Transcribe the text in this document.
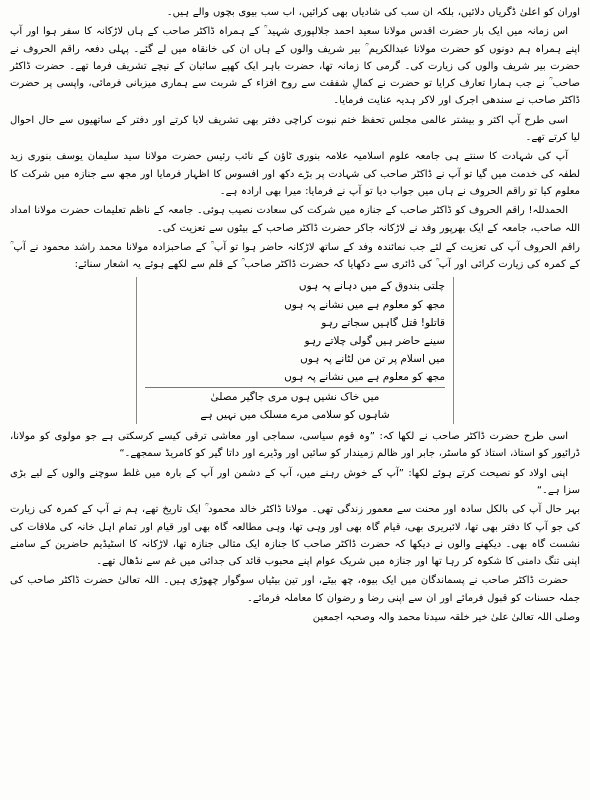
اوران کو اعلیٰ ڈگریاں دلائیں، بلکہ ان سب کی شادیاں بھی کرائیں، اب سب بیوی بچوں والے ہیں۔

اس زمانہ میں ایک بار حضرت اقدس مولانا سعید احمد جلالپوری شہید ؒ کے ہمراہ ڈاکٹر صاحب کے ہاں لاڑکانہ کا سفر ہوا اور آپ اپنے ہمراہ ہم دونوں کو حضرت مولانا عبدالکریم ؒ بیر شریف والوں کے ہاں ان کی خانقاہ میں لے گئے۔ پہلی دفعہ راقم الحروف نے حضرت بیر شریف والوں کی زیارت کی۔ گرمی کا زمانہ تھا، حضرت باہر ایک کھپے سائبان کے نیچے تشریف فرما تھے۔ حضرت ڈاکٹر صاحب ؒ نے جب ہمارا تعارف کرایا تو حضرت نے کمالِ شفقت سے روح افزاء کے شربت سے ہماری میزبانی فرمائی، واپسی پر حضرت ڈاکٹر صاحب نے سندھی اجرک اور لاکر ہدیہ عنایت فرمایا۔

اسی طرح آپ اکثر و بیشتر عالمی مجلس تحفظ ختم نبوت کراچی دفتر بھی تشریف لایا کرتے اور دفتر کے ساتھیوں سے حال احوال لیا کرتے تھے۔

آپ کی شہادت کا سنتے ہی جامعہ علوم اسلامیہ علامہ بنوری ٹاؤن کے نائب رئیس حضرت مولانا سید سلیمان یوسف بنوری زید لطفہ کی خدمت میں گیا تو آپ نے ڈاکٹر صاحب کی شہادت پر بڑے دکھ اور افسوس کا اظہار فرمایا اور مجھ سے جنازہ میں شرکت کا معلوم کیا تو راقم الحروف نے ہاں میں جواب دیا تو آپ نے فرمایا: میرا بھی ارادہ ہے۔

الحمدللہ! راقم الحروف کو ڈاکٹر صاحب کے جنازہ میں شرکت کی سعادت نصیب ہوئی۔ جامعہ کے ناظم تعلیمات حضرت مولانا امداد اللہ صاحب، جامعہ کے ایک بھرپور وفد نے لاڑکانہ جاکر حضرت ڈاکٹر صاحب کے بیٹوں سے تعزیت کی۔

راقم الحروف آپ کی تعزیت کے لئے جب نمائندہ وفد کے ساتھ لاڑکانہ حاضر ہوا تو آپ ؒ کے صاحبزادہ مولانا محمد راشد محمود نے آپ ؒ کے کمرہ کی زیارت کرائی اور آپ ؒ کی ڈائری سے دکھایا کہ حضرت ڈاکٹر صاحب ؒ کے قلم سے لکھے ہوئے یہ اشعار سنائے:

چلتی بندوق کے میں دہانے پہ ہوں
مجھ کو معلوم ہے میں نشانے پہ ہوں
قاتلو! قتل گاہیں سجاتے رہو
سینے حاضر ہیں گولی چلاتے رہو
میں اسلام پر تن من لٹانے پہ ہوں
مجھ کو معلوم ہے میں نشانے پہ ہوں
میں خاک نشیں ہوں مری جاگیر مصلیٰ
شاہوں کو سلامی مرے مسلک میں نہیں ہے

اسی طرح حضرت ڈاکٹر صاحب نے لکھا کہ: ”وہ قوم سیاسی، سماجی اور معاشی ترقی کیسے کرسکتی ہے جو مولوی کو مولانا، ڈرائیور کو استاذ، استاذ کو ماسٹر، جابر اور ظالم زمیندار کو سائیں اور وڈیرے اور داتا گیر کو کامریڈ سمجھے۔“

اپنی اولاد کو نصیحت کرتے ہوئے لکھا: ”آپ کے خوش رہنے میں، آپ کے دشمن اور آپ کے بارہ میں غلط سوچنے والوں کے لیے بڑی سزا ہے۔“

بہر حال آپ کی بالکل سادہ اور محنت سے معمور زندگی تھی۔ مولانا ڈاکٹر خالد محمود ؒ ایک تاریخ تھے، ہم نے آپ کے کمرہ کی زیارت کی جو آپ کا دفتر بھی تھا، لائبریری بھی، قیام گاہ بھی اور وہی تھا، وہی مطالعہ گاہ بھی اور قیام اور تمام اہل خانہ کی ملاقات کی نشست گاہ بھی۔ دیکھنے والوں نے دیکھا کہ حضرت ڈاکٹر صاحب کا جنازہ ایک مثالی جنازہ تھا، لاڑکانہ کا اسٹیڈیم حاضرین کے سامنے اپنی تنگ دامنی کا شکوہ کر رہا تھا اور جنازہ میں شریک عوام اپنے محبوب قائد کی جدائی میں غم سے نڈھال تھے۔

حضرت ڈاکٹر صاحب نے پسماندگان میں ایک بیوہ، چھ بیٹے، اور تین بیٹیاں سوگوار چھوڑی ہیں۔ اللہ تعالیٰ حضرت ڈاکٹر صاحب کی جملہ حسنات کو قبول فرمائے اور ان سے اپنی رضا و رضوان کا معاملہ فرمائے۔

وصلی اللہ تعالیٰ علیٰ خیر خلقہ سیدنا محمد والہ وصحبہ اجمعین
